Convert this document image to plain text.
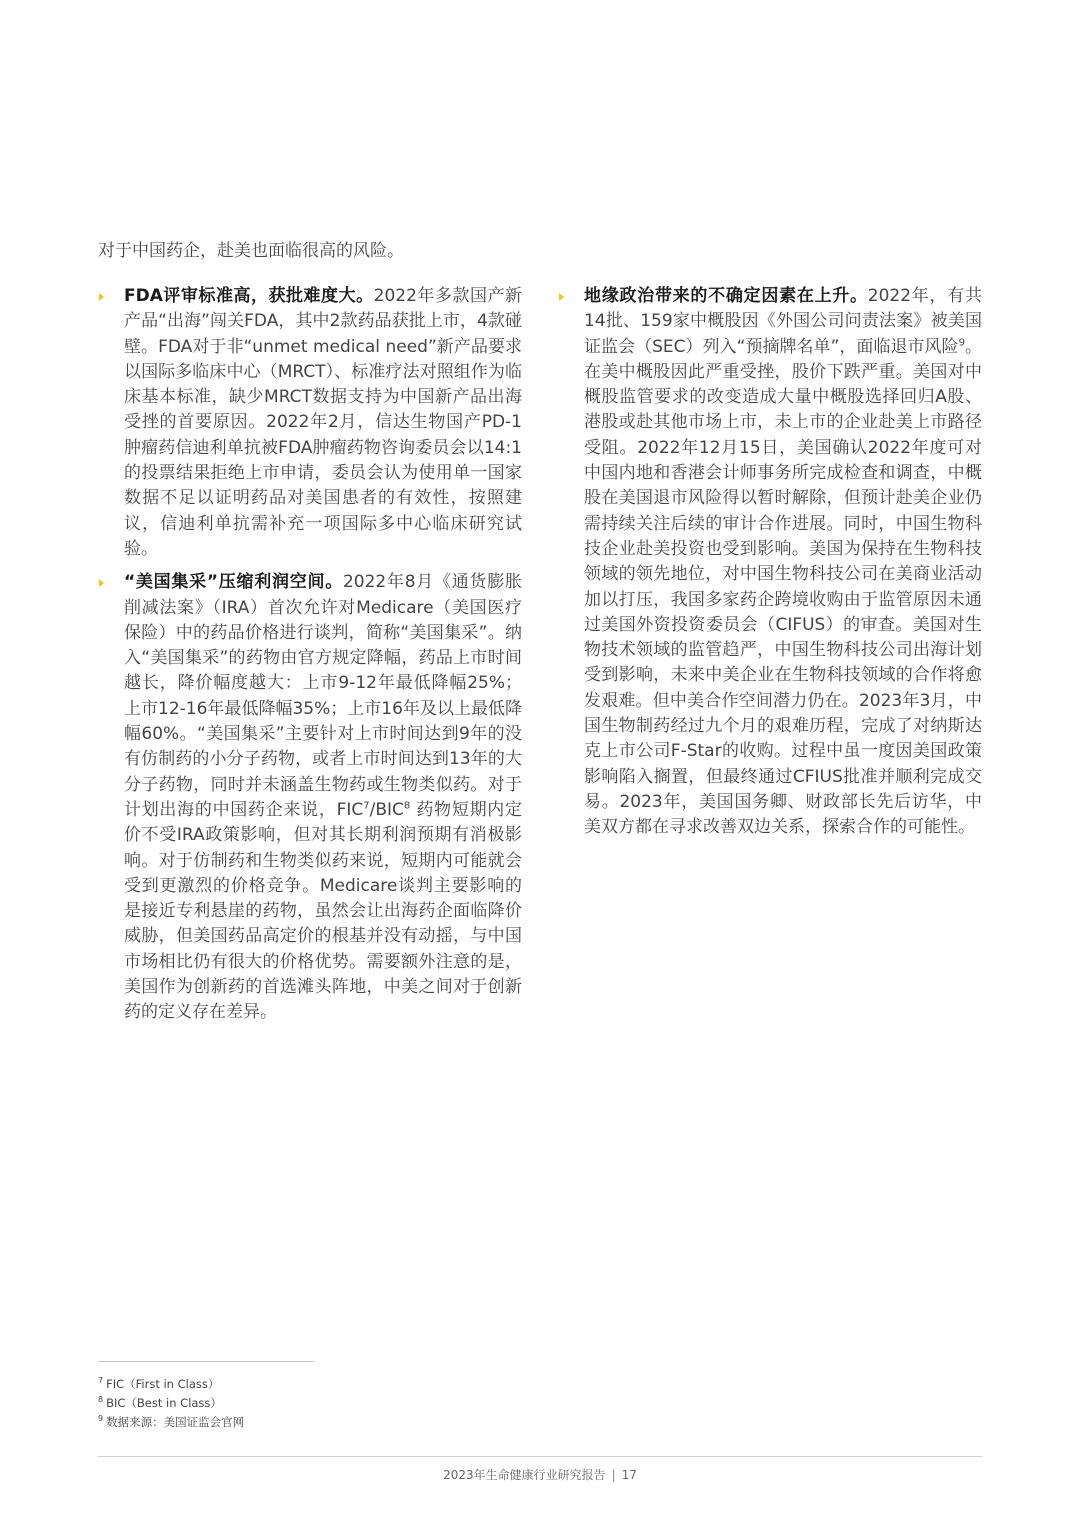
对于中国药企，赴美也面临很高的风险。
FDA评审标准高，获批难度大。2022年多款国产新产品“出海”闯关FDA，其中2款药品获批上市，4款碰壁。FDA对于非“unmet medical need”新产品要求以国际多临床中心（MRCT）、标准疗法对照组作为临床基本标准，缺少MRCT数据支持为中国新产品出海受挫的首要原因。2022年2月，信达生物国产PD-1肿瘤药信迪利单抗被FDA肿瘤药物咨询委员会以14:1的投票结果拒绝上市申请，委员会认为使用单一国家数据不足以证明药品对美国患者的有效性，按照建议，信迪利单抗需补充一项国际多中心临床研究试验。
“美国集采”压缩利润空间。2022年8月《通货膨胀削减法案》（IRA）首次允许对Medicare（美国医疗保险）中的药品价格进行谈判，简称“美国集采”。纳入“美国集采”的药物由官方规定降幅，药品上市时间越长，降价幅度越大：上市9-12年最低降幅25%；上市12-16年最低降幅35%；上市16年及以上最低降幅60%。“美国集采”主要针对上市时间达到9年的没有仿制药的小分子药物，或者上市时间达到13年的大分子药物，同时并未涵盖生物药或生物类似药。对于计划出海的中国药企来说，FIC$^7$/BIC$^8$ 药物短期内定价不受IRA政策影响，但对其长期利润预期有消极影响。对于仿制药和生物类似药来说，短期内可能就会受到更激烈的价格竞争。Medicare谈判主要影响的是接近专利悬崖的药物，虽然会让出海药企面临降价威胁，但美国药品高定价的根基并没有动摇，与中国市场相比仍有很大的价格优势。需要额外注意的是，美国作为创新药的首选滩头阵地，中美之间对于创新药的定义存在差异。
地缘政治带来的不确定因素在上升。2022年，有共14批、159家中概股因《外国公司问责法案》被美国证监会（SEC）列入“预摘牌名单”，面临退市风险$^9$。在美中概股因此严重受挫，股价下跌严重。美国对中概股监管要求的改变造成大量中概股选择回归A股、港股或赴其他市场上市，未上市的企业赴美上市路径受阻。2022年12月15日，美国确认2022年度可对中国内地和香港会计师事务所完成检查和调查，中概股在美国退市风险得以暂时解除，但预计赴美企业仍需持续关注后续的审计合作进展。同时，中国生物科技企业赴美投资也受到影响。美国为保持在生物科技领域的领先地位，对中国生物科技公司在美商业活动加以打压，我国多家药企跨境收购由于监管原因未通过美国外资投资委员会（CIFUS）的审查。美国对生物技术领域的监管趋严，中国生物科技公司出海计划受到影响，未来中美企业在生物科技领域的合作将愈发艰难。但中美合作空间潜力仍在。2023年3月，中国生物制药经过九个月的艰难历程，完成了对纳斯达克上市公司F-Star的收购。过程中虽一度因美国政策影响陷入搁置，但最终通过CFIUS批准并顺利完成交易。2023年，美国国务卿、财政部长先后访华，中美双方都在寻求改善双边关系，探索合作的可能性。
$^7$ FIC（First in Class）
$^8$ BIC（Best in Class）
$^9$ 数据来源：美国证监会官网
2023年生命健康行业研究报告 | 17
